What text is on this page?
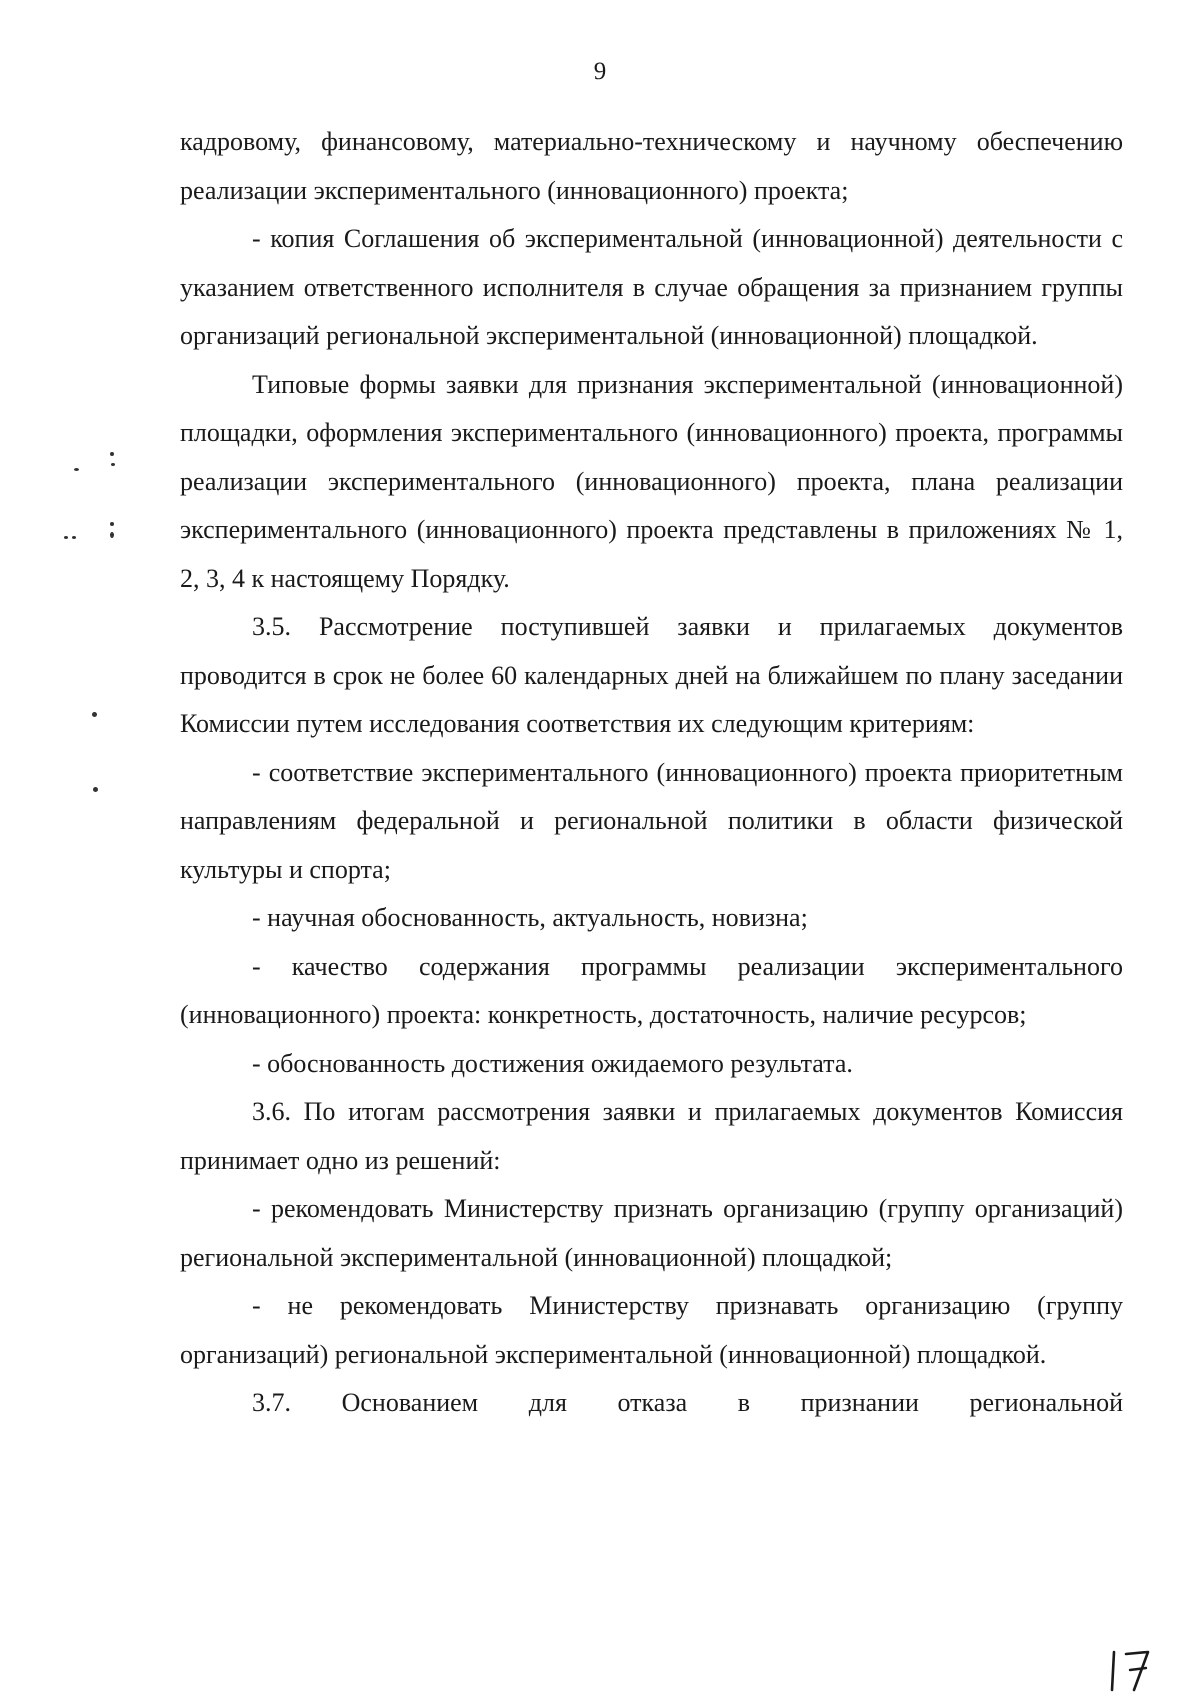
9

кадровому, финансовому, материально-техническому и научному обеспечению реализации экспериментального (инновационного) проекта;

- копия Соглашения об экспериментальной (инновационной) деятельности с указанием ответственного исполнителя в случае обращения за признанием группы организаций региональной экспериментальной (инновационной) площадкой.

Типовые формы заявки для признания экспериментальной (инновационной) площадки, оформления экспериментального (инновационного) проекта, программы реализации экспериментального (инновационного) проекта, плана реализации экспериментального (инновационного) проекта представлены в приложениях № 1, 2, 3, 4 к настоящему Порядку.

3.5. Рассмотрение поступившей заявки и прилагаемых документов проводится в срок не более 60 календарных дней на ближайшем по плану заседании Комиссии путем исследования соответствия их следующим критериям:

- соответствие экспериментального (инновационного) проекта приоритетным направлениям федеральной и региональной политики в области физической культуры и спорта;

- научная обоснованность, актуальность, новизна;

- качество содержания программы реализации экспериментального (инновационного) проекта: конкретность, достаточность, наличие ресурсов;

- обоснованность достижения ожидаемого результата.

3.6. По итогам рассмотрения заявки и прилагаемых документов Комиссия принимает одно из решений:

- рекомендовать Министерству признать организацию (группу организаций) региональной экспериментальной (инновационной) площадкой;

- не рекомендовать Министерству признавать организацию (группу организаций) региональной экспериментальной (инновационной) площадкой.

3.7. Основанием для отказа в признании региональной
